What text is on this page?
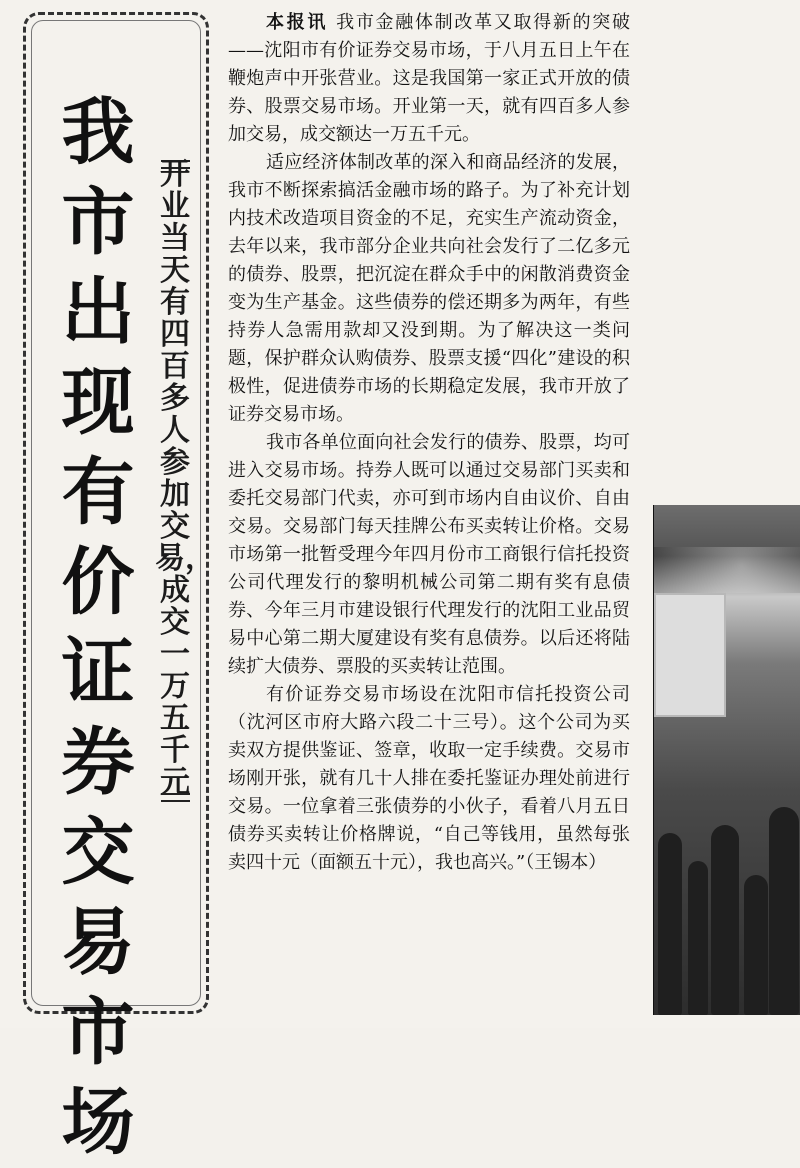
我市出现有价证券交易市场
开业当天有四百多人参加交易，成交一万五千元

本报讯 我市金融体制改革又取得新的突破——沈阳市有价证券交易市场，于八月五日上午在鞭炮声中开张营业。这是我国第一家正式开放的债券、股票交易市场。开业第一天，就有四百多人参加交易，成交额达一万五千元。

适应经济体制改革的深入和商品经济的发展，我市不断探索搞活金融市场的路子。为了补充计划内技术改造项目资金的不足，充实生产流动资金，去年以来，我市部分企业共向社会发行了二亿多元的债券、股票，把沉淀在群众手中的闲散消费资金变为生产基金。这些债券的偿还期多为两年，有些持券人急需用款却又没到期。为了解决这一类问题，保护群众认购债券、股票支援“四化”建设的积极性，促进债券市场的长期稳定发展，我市开放了证券交易市场。

我市各单位面向社会发行的债券、股票，均可进入交易市场。持券人既可以通过交易部门买卖和委托交易部门代卖，亦可到市场内自由议价、自由交易。交易部门每天挂牌公布买卖转让价格。交易市场第一批暂受理今年四月份市工商银行信托投资公司代理发行的黎明机械公司第二期有奖有息债券、今年三月市建设银行代理发行的沈阳工业品贸易中心第二期大厦建设有奖有息债券。以后还将陆续扩大债券、票股的买卖转让范围。

有价证券交易市场设在沈阳市信托投资公司（沈河区市府大路六段二十三号）。这个公司为买卖双方提供鉴证、签章，收取一定手续费。交易市场刚开张，就有几十人排在委托鉴证办理处前进行交易。一位拿着三张债券的小伙子，看着八月五日债券买卖转让价格牌说，“自己等钱用，虽然每张卖四十元（面额五十元），我也高兴。”（王锡本）
